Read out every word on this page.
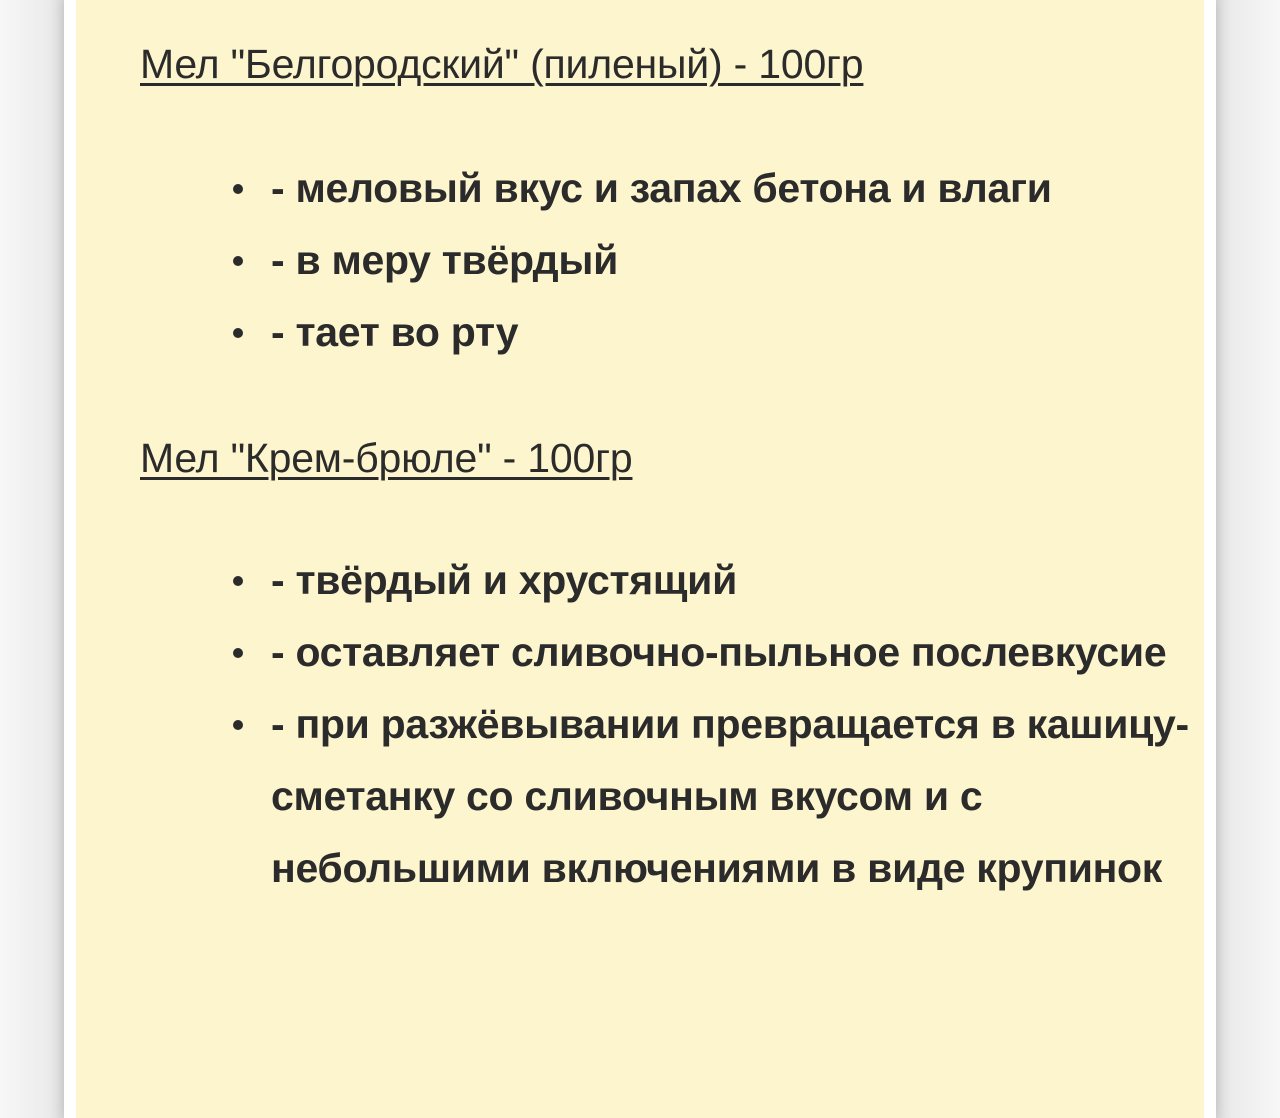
Мел "Белгородский" (пиленый) - 100гр
- меловый вкус и запах бетона и влаги
- в меру твёрдый
- тает во рту
Мел "Крем-брюле" - 100гр
- твёрдый и хрустящий
- оставляет сливочно-пыльное послевкусие
- при разжёвывании превращается в кашицу-сметанку со сливочным вкусом и с небольшими включениями в виде крупинок
